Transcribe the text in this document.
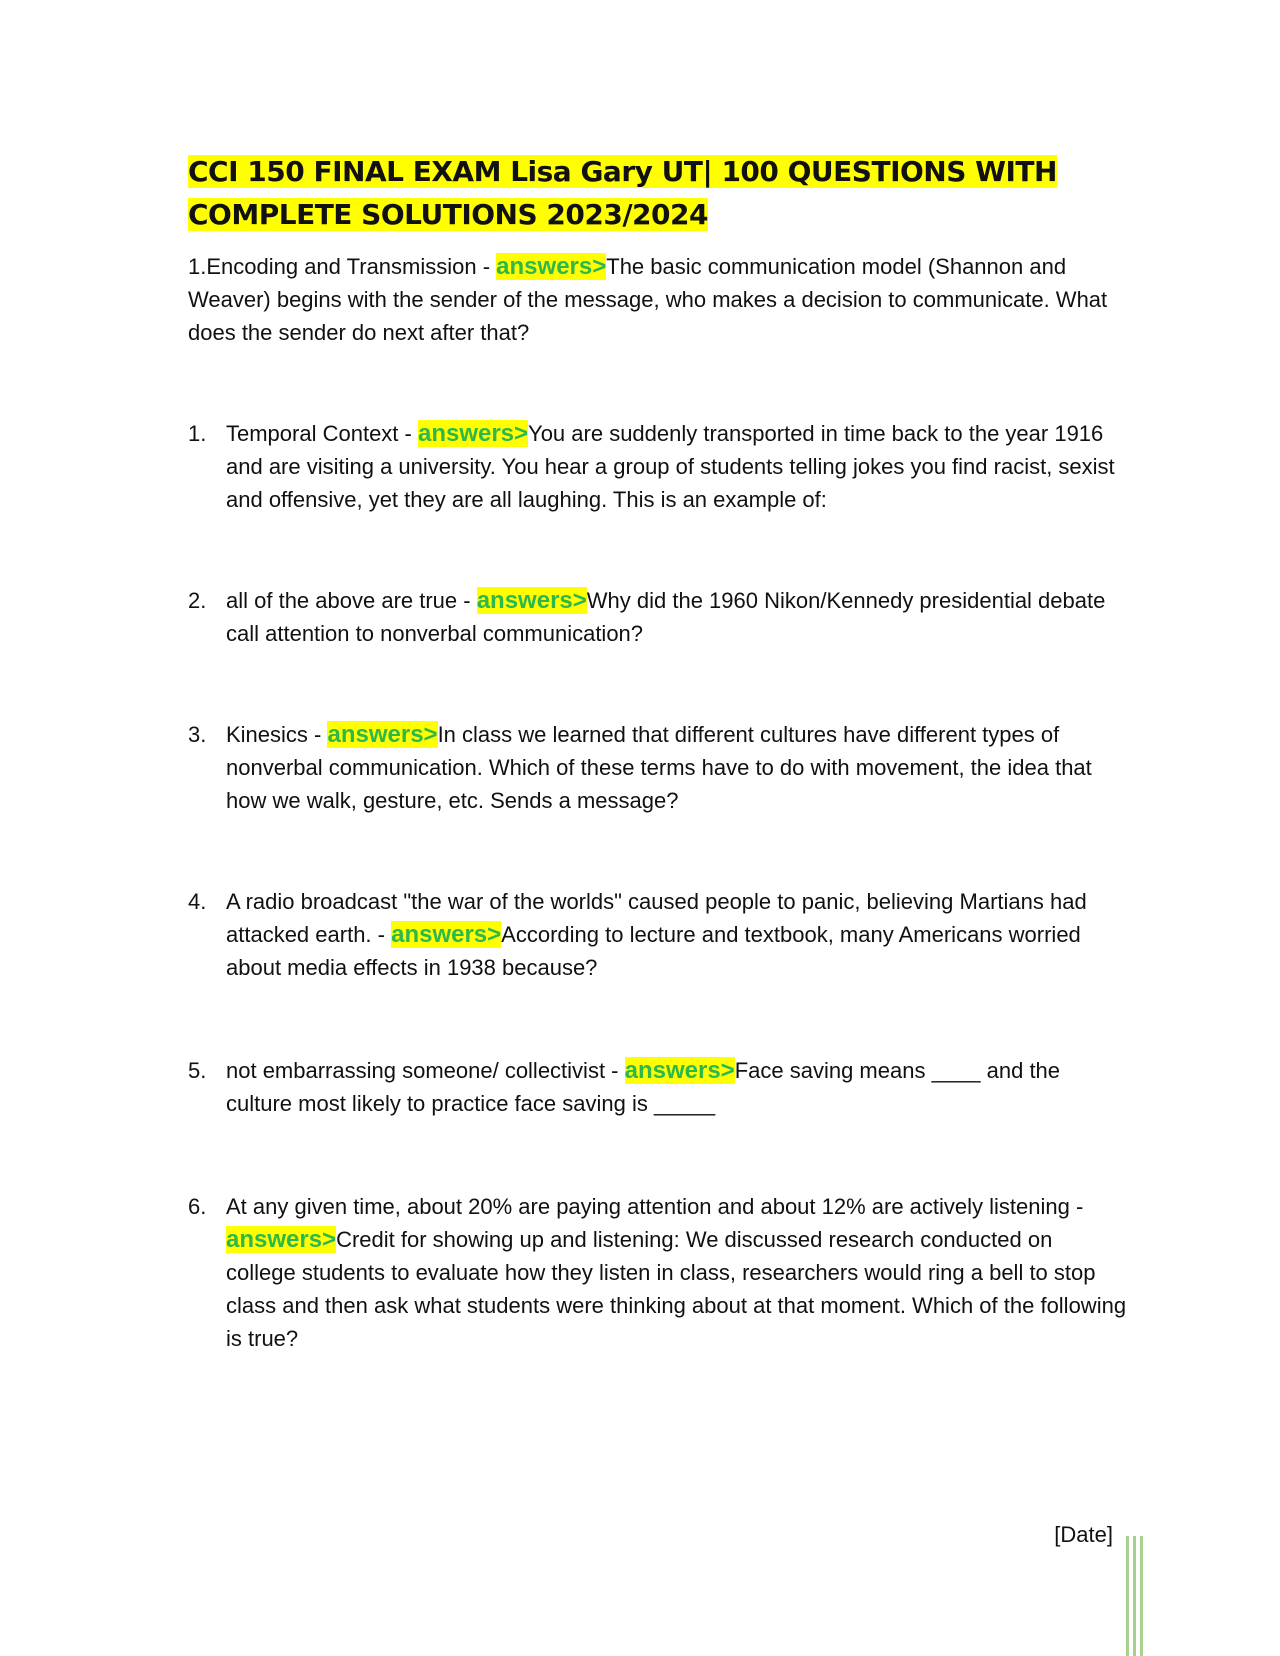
CCI 150 FINAL EXAM Lisa Gary UT| 100 QUESTIONS WITH COMPLETE SOLUTIONS 2023/2024

1.Encoding and Transmission - answers>The basic communication model (Shannon and Weaver) begins with the sender of the message, who makes a decision to communicate. What does the sender do next after that?

1. Temporal Context - answers>You are suddenly transported in time back to the year 1916 and are visiting a university. You hear a group of students telling jokes you find racist, sexist and offensive, yet they are all laughing. This is an example of:
2. all of the above are true - answers>Why did the 1960 Nikon/Kennedy presidential debate call attention to nonverbal communication?
3. Kinesics - answers>In class we learned that different cultures have different types of nonverbal communication. Which of these terms have to do with movement, the idea that how we walk, gesture, etc. Sends a message?
4. A radio broadcast "the war of the worlds" caused people to panic, believing Martians had attacked earth. - answers>According to lecture and textbook, many Americans worried about media effects in 1938 because?
5. not embarrassing someone/ collectivist - answers>Face saving means ____ and the culture most likely to practice face saving is _____
6. At any given time, about 20% are paying attention and about 12% are actively listening - answers>Credit for showing up and listening: We discussed research conducted on college students to evaluate how they listen in class, researchers would ring a bell to stop class and then ask what students were thinking about at that moment. Which of the following is true?
[Date]
